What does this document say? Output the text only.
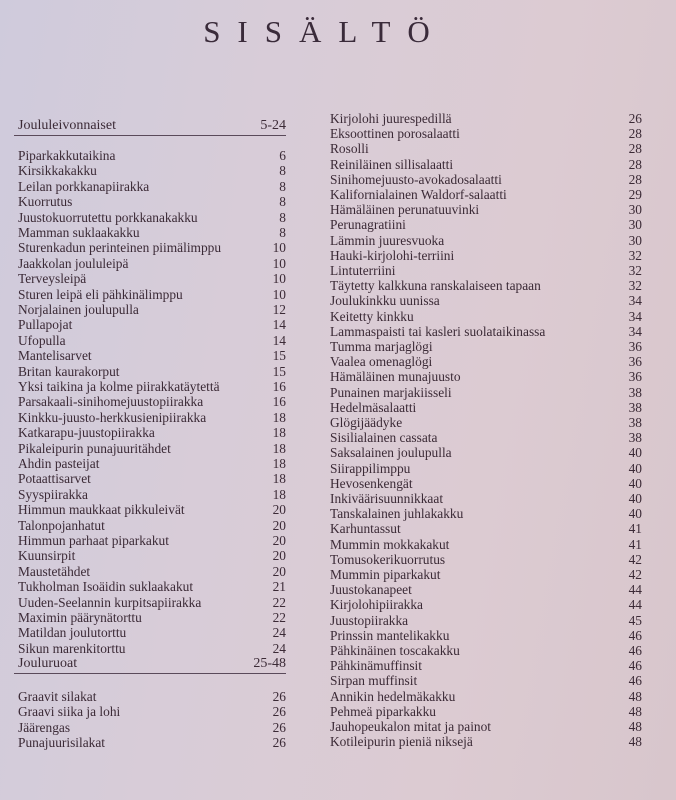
SISÄLTÖ
Joululeivonnaiset	5-24
Piparkakkutaikina	6
Kirsikkakakku	8
Leilan porkkanapiirakka	8
Kuorrutus	8
Juustokuorrutettu porkkanakakku	8
Mamman suklaakakku	8
Sturenkadun perinteinen piimälimppu	10
Jaakkolan joululeipä	10
Terveysleipä	10
Sturen leipä eli pähkinälimppu	10
Norjalainen joulupulla	12
Pullapojat	14
Ufopulla	14
Mantelisarvet	15
Britan kaurakorput	15
Yksi taikina ja kolme piirakkatäytettä	16
Parsakaali-sinihomejuustopiirakka	16
Kinkku-juusto-herkkusienipiirakka	18
Katkarapu-juustopiirakka	18
Pikaleipurin punajuuritähdet	18
Ahdin pasteijat	18
Potaattisarvet	18
Syyspiirakka	18
Himmun maukkaat pikkuleivät	20
Talonpojanhatut	20
Himmun parhaat piparkakut	20
Kuunsirpit	20
Maustetähdet	20
Tukholman Isoäidin suklaakakut	21
Uuden-Seelannin kurpitsapiirakka	22
Maximin päärynätorttu	22
Matildan joulutorttu	24
Sikun marenkitorttu	24
Jouluruoat	25-48
Graavit silakat	26
Graavi siika ja lohi	26
Jäärengas	26
Punajuurisilakat	26
Kirjolohi juurespedillä	26
Eksoottinen porosalaatti	28
Rosolli	28
Reiniläinen sillisalaatti	28
Sinihomejuusto-avokadosalaatti	28
Kalifornialainen Waldorf-salaatti	29
Hämäläinen perunatuuvinki	30
Perunagratiini	30
Lämmin juuresvuoka	30
Hauki-kirjolohi-terriini	32
Lintuterriini	32
Täytetty kalkkuna ranskalaiseen tapaan	32
Joulukinkku uunissa	34
Keitetty kinkku	34
Lammaspaisti tai kasleri suolataikinassa	34
Tumma marjaglögi	36
Vaalea omenaglögi	36
Hämäläinen munajuusto	36
Punainen marjakiisseli	38
Hedelmäsalaatti	38
Glögijäädyke	38
Sisilialainen cassata	38
Saksalainen joulupulla	40
Siirappilimppu	40
Hevosenkengät	40
Inkiväärisuunnikkaat	40
Tanskalainen juhlakakku	40
Karhuntassut	41
Mummin mokkakakut	41
Tomusokerikuorrutus	42
Mummin piparkakut	42
Juustokanapeet	44
Kirjolohipiirakka	44
Juustopiirakka	45
Prinssin mantelikakku	46
Pähkinäinen toscakakku	46
Pähkinämuffinsit	46
Sirpan muffinsit	46
Annikin hedelmäkakku	48
Pehmeä piparkakku	48
Jauhopeukalon mitat ja painot	48
Kotileipurin pieniä niksejä	48
